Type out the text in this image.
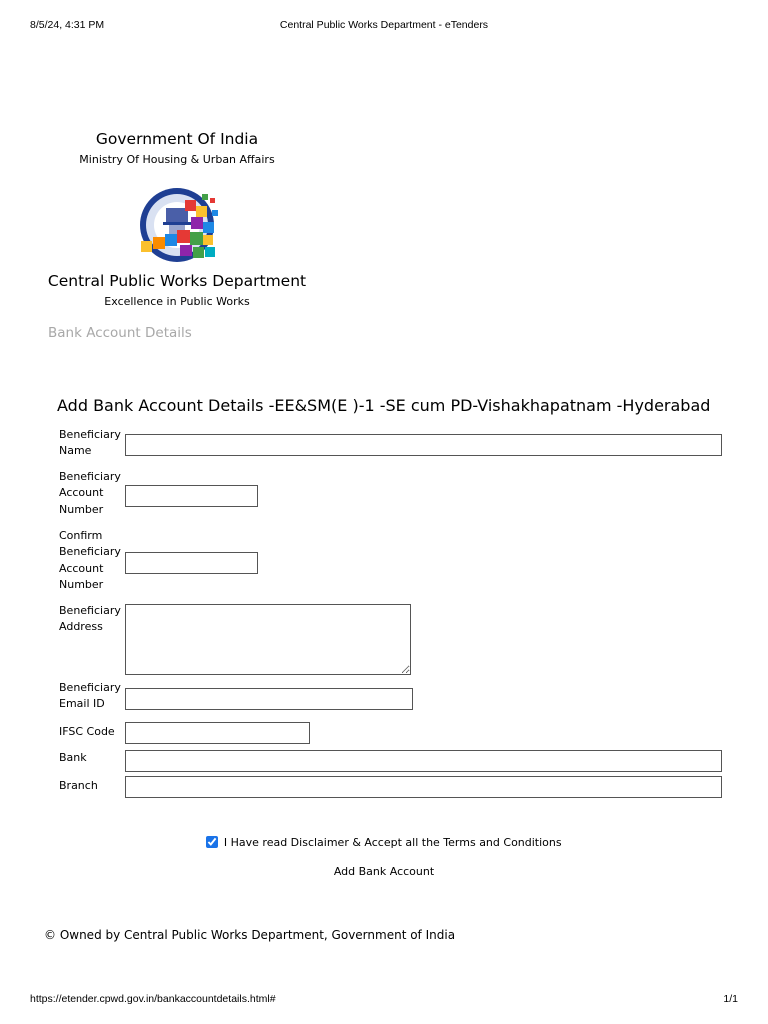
8/5/24, 4:31 PM	Central Public Works Department - eTenders
Government Of India
Ministry Of Housing & Urban Affairs
Central Public Works Department
Excellence in Public Works
Bank Account Details
Add Bank Account Details -EE&SM(E )-1 -SE cum PD-Vishakhapatnam -Hyderabad
Beneficiary Name
Beneficiary Account Number
Confirm Beneficiary Account Number
Beneficiary Address
Beneficiary Email ID
IFSC Code
Bank
Branch
I Have read Disclaimer & Accept all the Terms and Conditions
Add Bank Account
© Owned by Central Public Works Department, Government of India
https://etender.cpwd.gov.in/bankaccountdetails.html#	1/1
